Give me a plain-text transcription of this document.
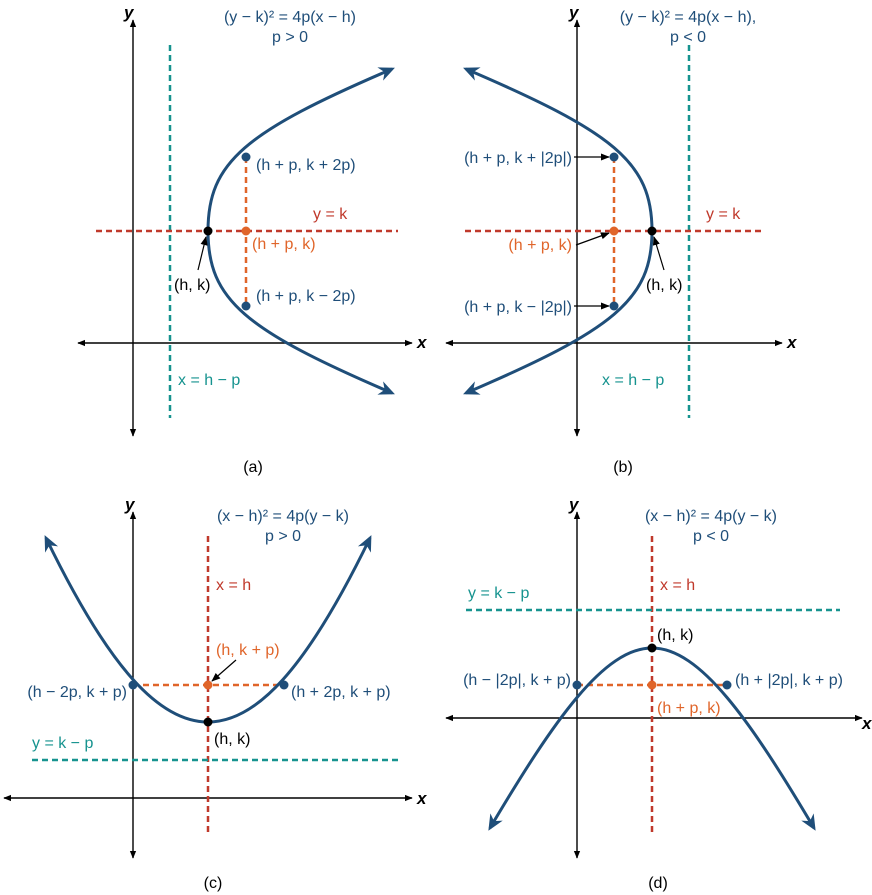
x
y	(y − k)² = 4p(x − h)
p > 0
y = k
x = h − p
(h, k)
(h + p, k)
(h + p, k + 2p)
(h + p, k − 2p)
(a)
x
y	(y − k)² = 4p(x − h),
p < 0
y = k
x = h − p
(h, k)
(h + p, k)
(h + p, k + |2p|)
(h + p, k − |2p|)
(b)
x
y
(x − h)² = 4p(y − k)
p > 0
x = h
y = k − p	(h, k)
(h, k + p)
(h − 2p, k + p)	(h + 2p, k + p)
(c)
x
y
(x − h)² = 4p(y − k)
p < 0
x = h
y = k − p
(h, k)
(h + p, k)
(h − |2p|, k + p)	(h + |2p|, k + p)
(d)
